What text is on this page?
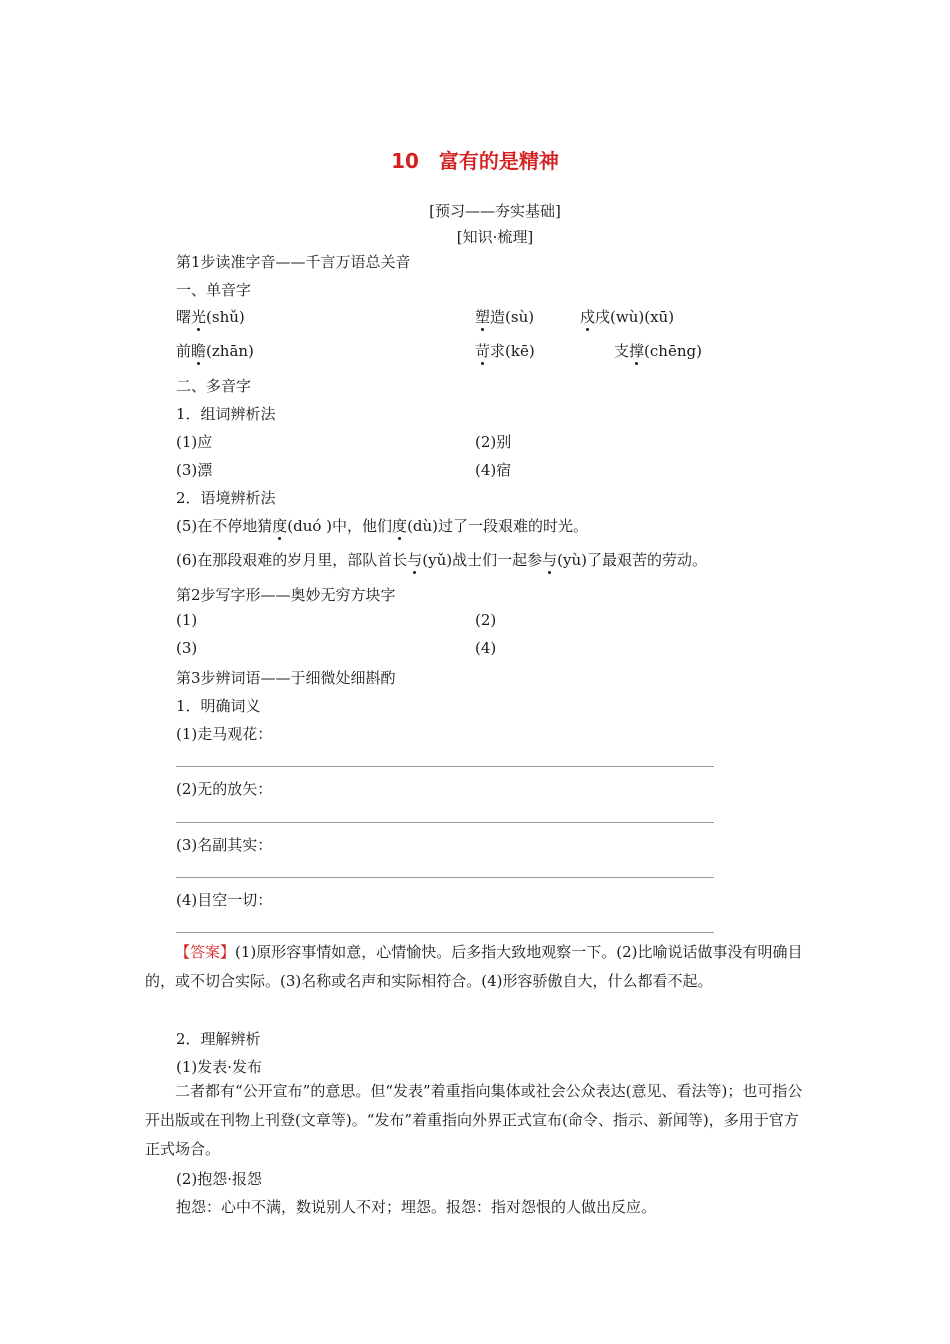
10　富有的是精神
[预习——夯实基础]
[知识·梳理]
第1步读准字音——千言万语总关音
一、单音字
曙光(shǔ)	塑造(sù)	戍戌(wù)(xū)
前瞻(zhān)	苛求(kē)	支撑(chēng)
二、多音字
1．组词辨析法
(1)应	(2)别
(3)漂	(4)宿
2．语境辨析法
(5)在不停地猜度(duó )中，他们度(dù)过了一段艰难的时光。
(6)在那段艰难的岁月里，部队首长与(yǔ)战士们一起参与(yù)了最艰苦的劳动。
第2步写字形——奥妙无穷方块字
(1)	(2)
(3)	(4)
第3步辨词语——于细微处细斟酌
1．明确词义
(1)走马观花：
(2)无的放矢：
(3)名副其实：
(4)目空一切：
【答案】(1)原形容事情如意，心情愉快。后多指大致地观察一下。(2)比喻说话做事没有明确目的，或不切合实际。(3)名称或名声和实际相符合。(4)形容骄傲自大，什么都看不起。
2．理解辨析
(1)发表·发布
二者都有“公开宣布”的意思。但“发表”着重指向集体或社会公众表达(意见、看法等)；也可指公开出版或在刊物上刊登(文章等)。“发布”着重指向外界正式宣布(命令、指示、新闻等)，多用于官方正式场合。
(2)抱怨·报怨
抱怨：心中不满，数说别人不对；埋怨。报怨：指对怨恨的人做出反应。
